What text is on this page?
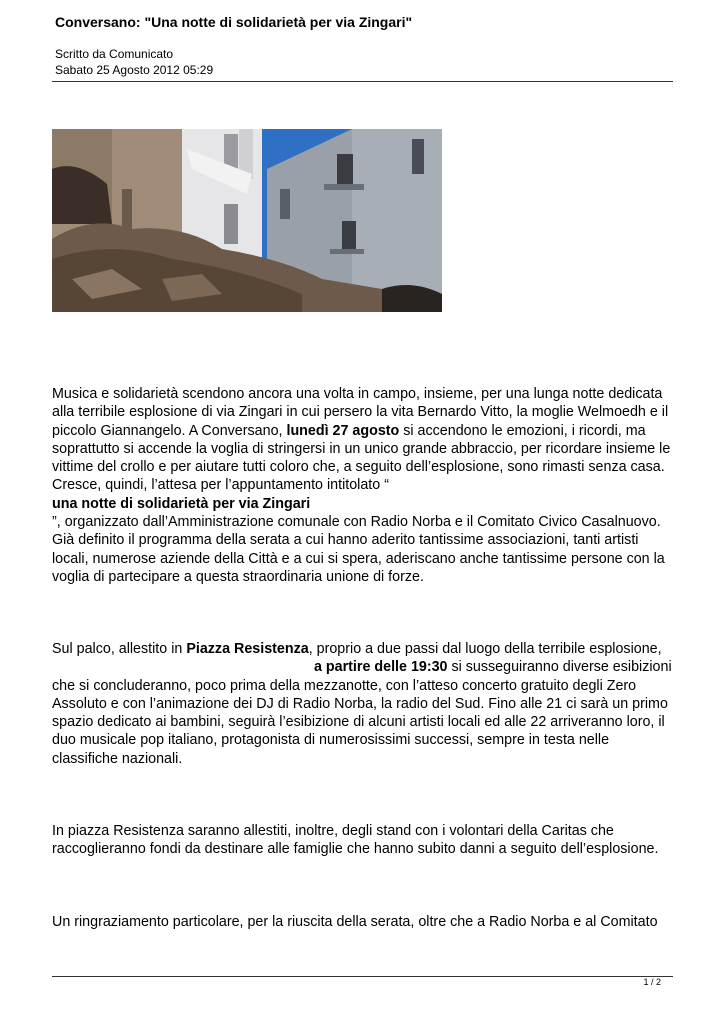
Conversano: "Una notte di solidarietà per via Zingari"
Scritto da Comunicato
Sabato 25 Agosto 2012 05:29

Musica e solidarietà scendono ancora una volta in campo, insieme, per una lunga notte dedicata alla terribile esplosione di via Zingari in cui persero la vita Bernardo Vitto, la moglie Welmoedh e il piccolo Giannangelo. A Conversano, lunedì 27 agosto si accendono le emozioni, i ricordi, ma soprattutto si accende la voglia di stringersi in un unico grande abbraccio, per ricordare insieme le vittime del crollo e per aiutare tutti coloro che, a seguito dell’esplosione, sono rimasti senza casa. Cresce, quindi, l’attesa per l’appuntamento intitolato “
una notte di solidarietà per via Zingari
”, organizzato dall’Amministrazione comunale con Radio Norba e il Comitato Civico Casalnuovo. Già definito il programma della serata a cui hanno aderito tantissime associazioni, tanti artisti locali, numerose aziende della Città e a cui si spera, aderiscano anche tantissime persone con la voglia di partecipare a questa straordinaria unione di forze.

Sul palco, allestito in Piazza Resistenza, proprio a due passi dal luogo della terribile esplosione,a partire delle 19:30 si susseguiranno diverse esibizioni che si concluderanno, poco prima della mezzanotte, con l’atteso concerto gratuito degli Zero Assoluto e con l’animazione dei DJ di Radio Norba, la radio del Sud. Fino alle 21 ci sarà un primo spazio dedicato ai bambini, seguirà l’esibizione di alcuni artisti locali ed alle 22 arriveranno loro, il duo musicale pop italiano, protagonista di numerosissimi successi, sempre in testa nelle classifiche nazionali.

In piazza Resistenza saranno allestiti, inoltre, degli stand con i volontari della Caritas che raccoglieranno fondi da destinare alle famiglie che hanno subito danni a seguito dell’esplosione.

Un ringraziamento particolare, per la riuscita della serata, oltre che a Radio Norba e al Comitato

1 / 2
